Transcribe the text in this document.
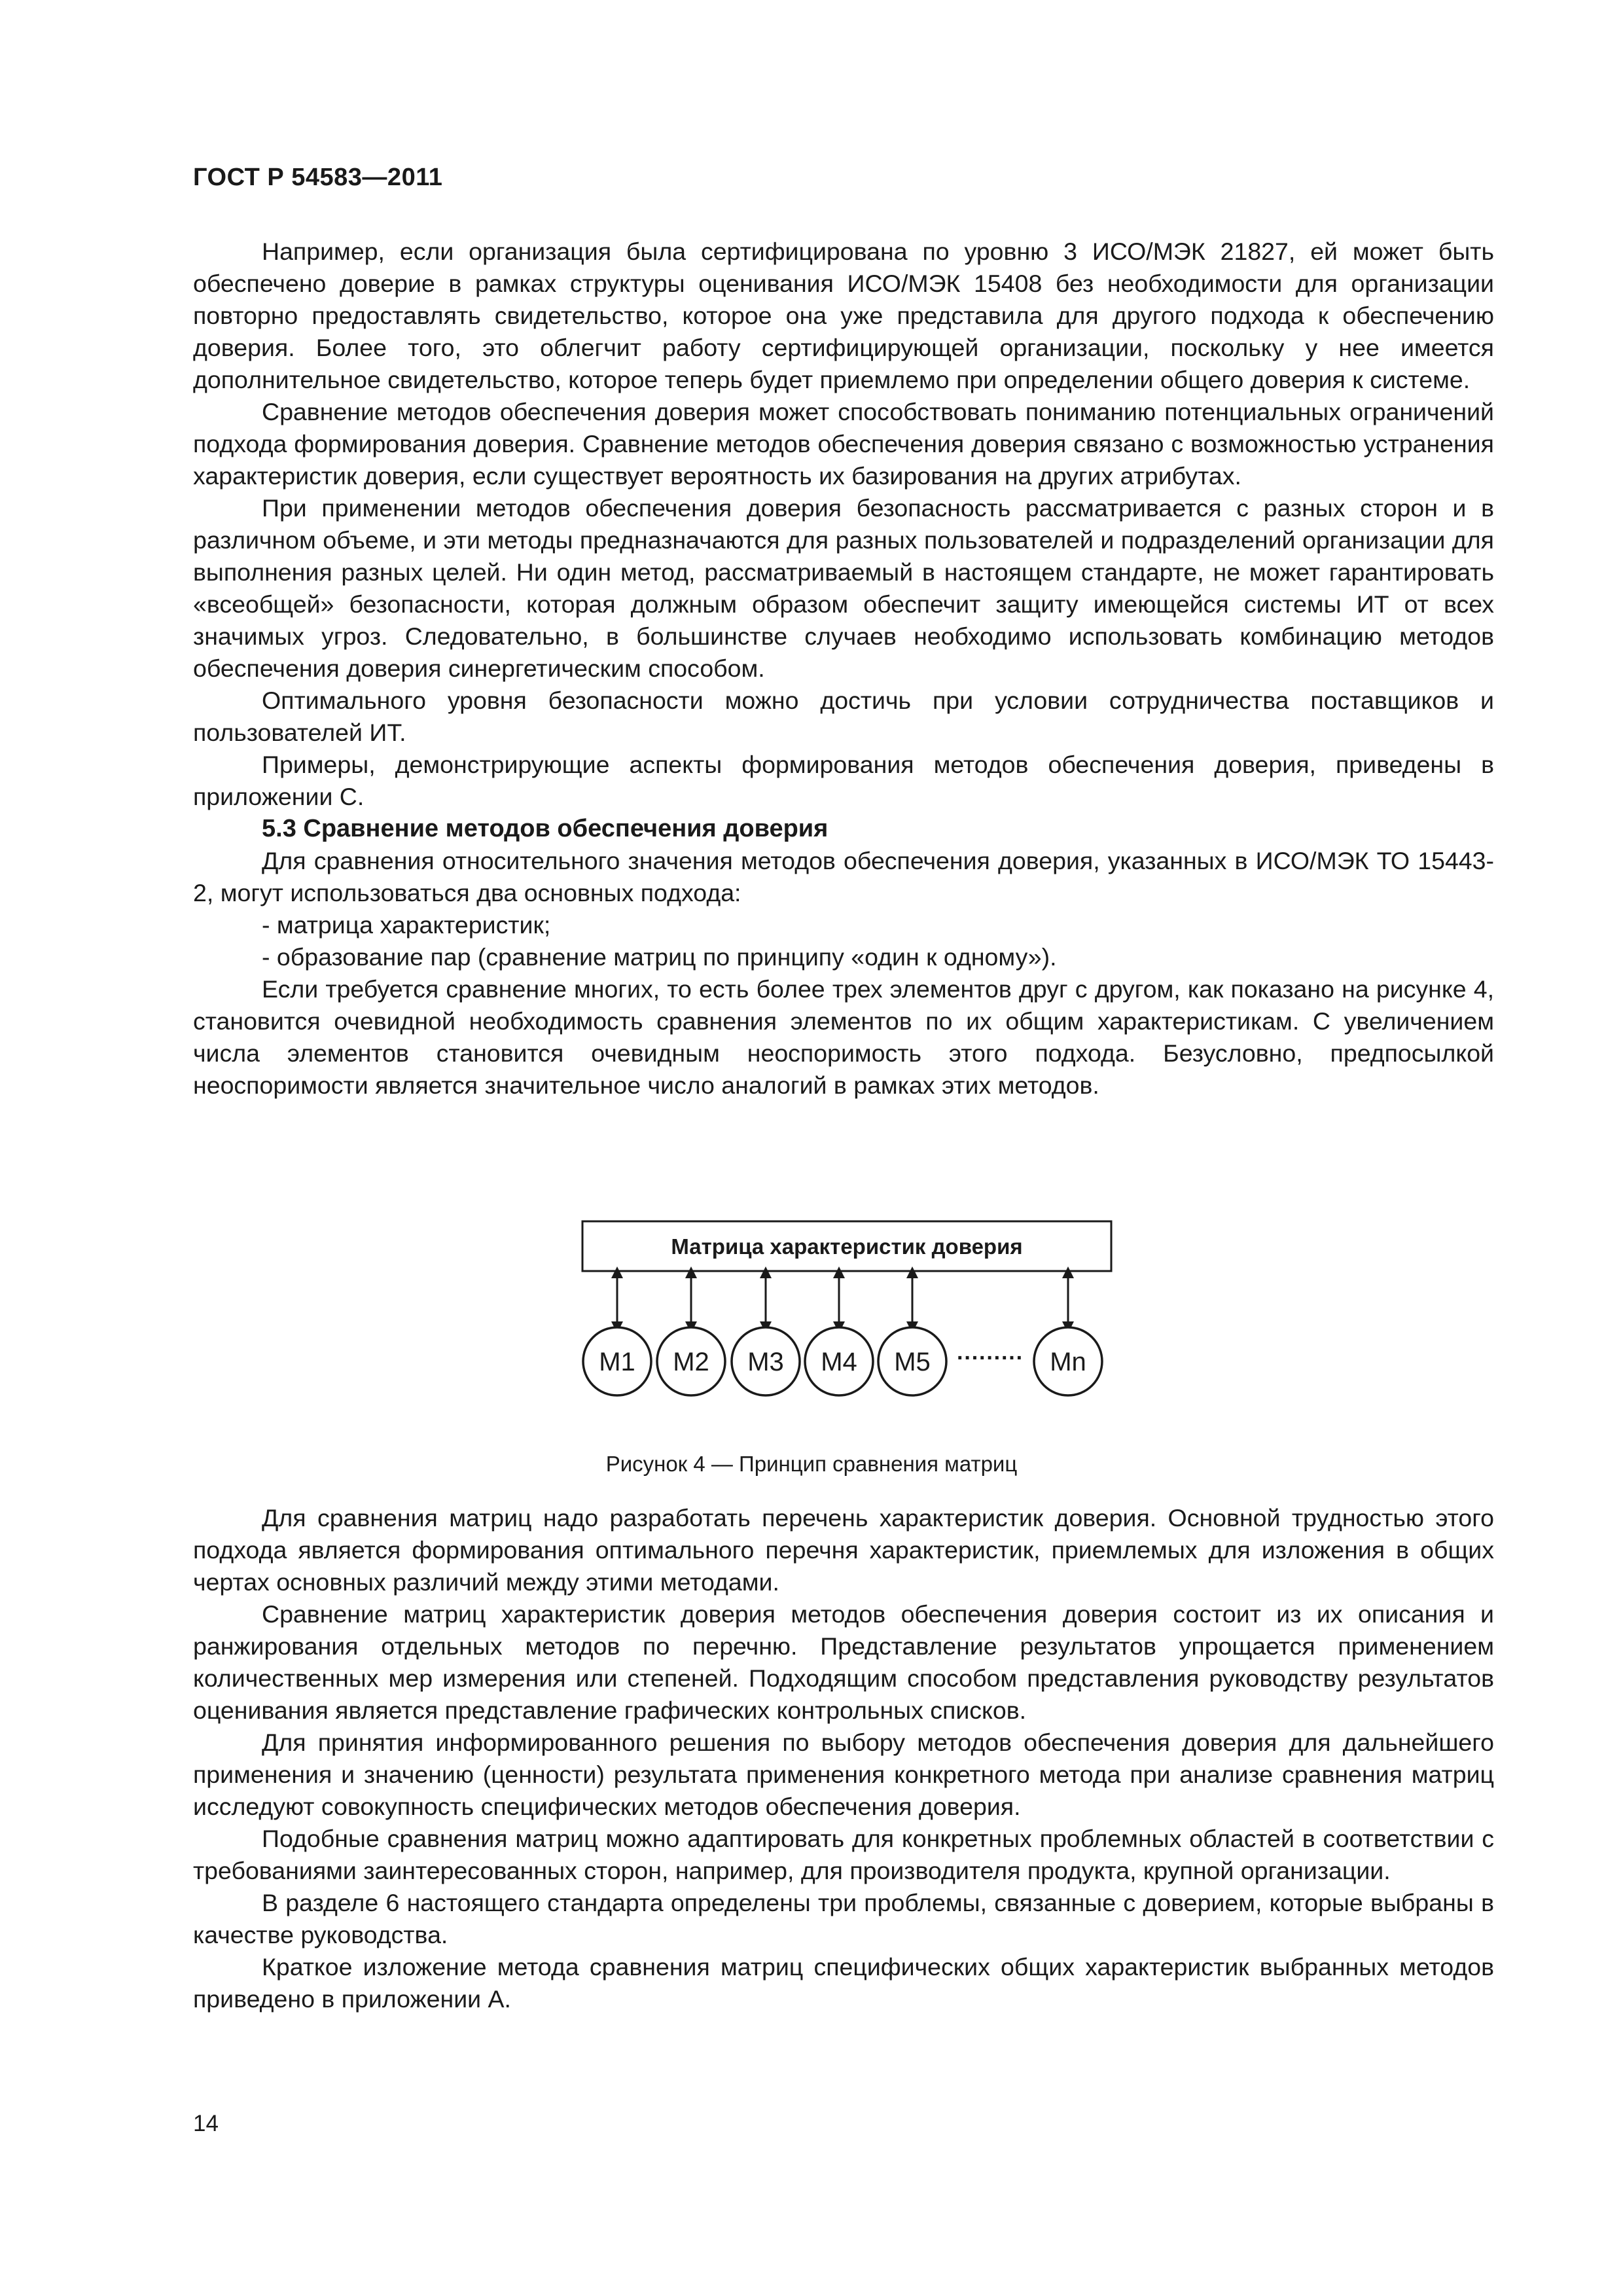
ГОСТ Р 54583—2011

Например, если организация была сертифицирована по уровню 3 ИСО/МЭК 21827, ей может быть обеспечено доверие в рамках структуры оценивания ИСО/МЭК 15408 без необходимости для организации повторно предоставлять свидетельство, которое она уже представила для другого подхода к обеспечению доверия. Более того, это облегчит работу сертифицирующей организации, поскольку у нее имеется дополнительное свидетельство, которое теперь будет приемлемо при определении общего доверия к системе.

Сравнение методов обеспечения доверия может способствовать пониманию потенциальных ограничений подхода формирования доверия. Сравнение методов обеспечения доверия связано с возможностью устранения характеристик доверия, если существует вероятность их базирования на других атрибутах.

При применении методов обеспечения доверия безопасность рассматривается с разных сторон и в различном объеме, и эти методы предназначаются для разных пользователей и подразделений организации для выполнения разных целей. Ни один метод, рассматриваемый в настоящем стандарте, не может гарантировать «всеобщей» безопасности, которая должным образом обеспечит защиту имеющейся системы ИТ от всех значимых угроз. Следовательно, в большинстве случаев необходимо использовать комбинацию методов обеспечения доверия синергетическим способом.

Оптимального уровня безопасности можно достичь при условии сотрудничества поставщиков и пользователей ИТ.

Примеры, демонстрирующие аспекты формирования методов обеспечения доверия, приведены в приложении С.

5.3 Сравнение методов обеспечения доверия

Для сравнения относительного значения методов обеспечения доверия, указанных в ИСО/МЭК ТО 15443-2, могут использоваться два основных подхода:

- матрица характеристик;

- образование пар (сравнение матриц по принципу «один к одному»).

Если требуется сравнение многих, то есть более трех элементов друг с другом, как показано на рисунке 4, становится очевидной необходимость сравнения элементов по их общим характеристикам. С увеличением числа элементов становится очевидным неоспоримость этого подхода. Безусловно, предпосылкой неоспоримости является значительное число аналогий в рамках этих методов.

Матрица характеристик доверия
M1 M2 M3 M4 M5	Mn
·········
Рисунок 4 — Принцип сравнения матриц

Для сравнения матриц надо разработать перечень характеристик доверия. Основной трудностью этого подхода является формирования оптимального перечня характеристик, приемлемых для изложения в общих чертах основных различий между этими методами.

Сравнение матриц характеристик доверия методов обеспечения доверия состоит из их описания и ранжирования отдельных методов по перечню. Представление результатов упрощается применением количественных мер измерения или степеней. Подходящим способом представления руководству результатов оценивания является представление графических контрольных списков.

Для принятия информированного решения по выбору методов обеспечения доверия для дальнейшего применения и значению (ценности) результата применения конкретного метода при анализе сравнения матриц исследуют совокупность специфических методов обеспечения доверия.

Подобные сравнения матриц можно адаптировать для конкретных проблемных областей в соответствии с требованиями заинтересованных сторон, например, для производителя продукта, крупной организации.

В разделе 6 настоящего стандарта определены три проблемы, связанные с доверием, которые выбраны в качестве руководства.

Краткое изложение метода сравнения матриц специфических общих характеристик выбранных методов приведено в приложении А.

14
